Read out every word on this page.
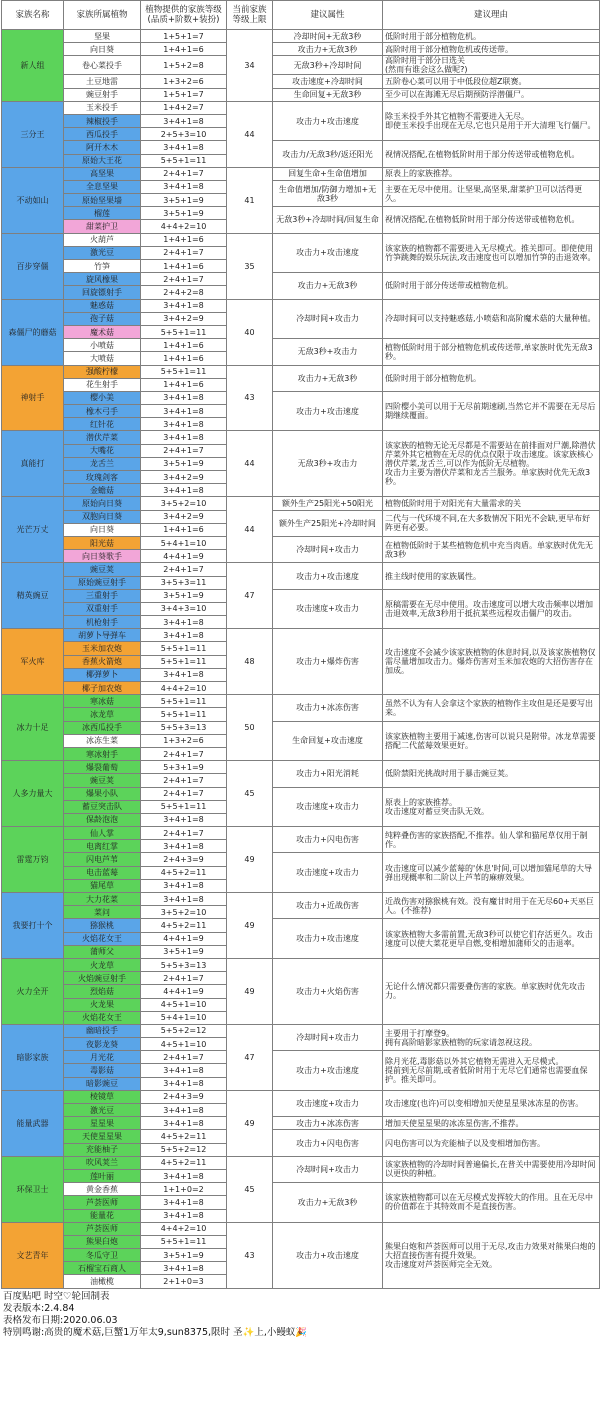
家族名称	家族所属植物	植物提供的家族等级
(品质+阶数+装扮)	当前家族
等级上限	建议属性	建议理由
新人组	坚果	1+5+1=7	34	冷却时间+无敌3秒	低阶时用于部分植物危机。
	向日葵	1+4+1=6		攻击力+无敌3秒	高阶时用于部分植物危机或传送带。
	卷心菜投手	1+5+2=8		无敌3秒+冷却时间	高阶时用于部分日选关
(然而有谁会这么做呢?)
	土豆地雷	1+3+2=6		攻击速度+冷却时间	五阶卷心菜可以用于中低段位超Z联赛。
	豌豆射手	1+5+1=7		生命回复+无敌3秒	至少可以在海滩无尽后期预防浮潜僵尸。
三分王	玉米投手	1+4+2=7	44	攻击力+攻击速度	除玉米投手外其它植物不需要进入无尽。
即使玉米投手出现在无尽,它也只是用于开大清理飞行僵尸。
	辣椒投手	3+4+1=8			
	西瓜投手	2+5+3=10			
	阿开木木	3+4+1=8		攻击力/无敌3秒/返还阳光	视情况搭配,在植物低阶时用于部分传送带或植物危机。
	原始大王花	5+5+1=11			
不动如山	高坚果	2+4+1=7	41	回复生命+生命值增加	原表上的家族推荐。
	全息坚果	3+4+1=8		生命值增加/防御力增加+无敌3秒	主要在无尽中使用。让坚果,高坚果,甜菜护卫可以活得更久。
	原始坚果墙	3+5+1=9			
	榴莲	3+5+1=9		无敌3秒+冷却时间/回复生命	视情况搭配,在植物低阶时用于部分传送带或植物危机。
	甜菜护卫	4+4+2=10			
百步穿僵	火葫芦	1+4+1=6	35	攻击力+攻击速度	该家族的植物都不需要进入无尽模式。推关即可。即使使用竹笋跳舞的娱乐玩法,攻击速度也可以增加竹笋的击退效率。
	激光豆	2+4+1=7			
	竹笋	1+4+1=6			
	旋风橡果	2+4+1=7		攻击力+无敌3秒	低阶时用于部分传送带或植物危机。
	回旋镖射手	2+4+2=8			
森僵尸的蘑菇	魅惑菇	3+4+1=8	40	冷却时间+攻击力	冷却时间可以支持魅惑菇,小喷菇和高阶魔术菇的大量种植。
	孢子菇	3+4+2=9			
	魔术菇	5+5+1=11			
	小喷菇	1+4+1=6		无敌3秒+攻击力	植物低阶时用于部分植物危机或传送带,单家族时优先无敌3秒。
	大喷菇	1+4+1=6			
神射手	强酸柠檬	5+5+1=11	43	攻击力+无敌3秒	低阶时用于部分植物危机。
	花生射手	1+4+1=6			
	樱小美	3+4+1=8		攻击力+攻击速度	四阶樱小美可以用于无尽前期速刷,当然它并不需要在无尽后期继续覆面。
	橡木弓手	3+4+1=8			
	红针花	3+4+1=8			
真能打	潜伏芹菜	3+4+1=8	44	无敌3秒+攻击力	该家族的植物无论无尽都是不需要站在前排面对尸潮,除潜伏芹菜外其它植物在无尽的优点仅限于攻击速度。该家族核心潜伏芹菜,龙舌兰,可以作为低阶无尽植物。
攻击力主要为潜伏芹菜和龙舌兰服务。单家族时优先无敌3秒。
	大嘴花	2+4+1=7			
	龙舌兰	3+5+1=9			
	玫瑰剑客	3+4+2=9			
	金蟾菇	3+4+1=8			
光芒万丈	原始向日葵	3+5+2=10	44	额外生产25阳光+50阳光	植物低阶时用于对阳光有大量需求的关
	双胞向日葵	3+4+2=9		额外生产25阳光+冷却时间	二代与一代环境不同,在大多数情况下阳光不会缺,更早布好阵更有必要。
	向日葵	1+4+1=6			
	阳光菇	5+4+1=10		冷却时间+攻击力	在植物低阶时于某些植物危机中充当肉盾。单家族时优先无敌3秒
	向日葵歌手	4+4+1=9			
精英豌豆	豌豆荚	2+4+1=7	47	攻击力+攻击速度	推主线时使用的家族属性。
	原始豌豆射手	3+5+3=11			
	三重射手	3+5+1=9		攻击速度+攻击力	原稿需要在无尽中使用。攻击速度可以增大攻击频率以增加击退效率,无敌3秒用于抵抗某些远程攻击僵尸的攻击。
	双重射手	3+4+3=10			
	机枪射手	3+4+1=8			
军火库	胡萝卜导弹车	3+4+1=8	48	攻击力+爆炸伤害	攻击速度不会减少该家族植物的休息时间,以及该家族植物仅需尽量增加攻击力。爆炸伤害对玉米加农炮的大招伤害存在加成。
	玉米加农炮	5+5+1=11			
	香蕉火箭炮	5+5+1=11			
	椰弹萝卜	3+4+1=8			
	椰子加农炮	4+4+2=10			
冰力十足	寒冰菇	5+5+1=11	50	攻击力+冰冻伤害	虽然不认为有人会拿这个家族的植物作主攻但是还是要写出来。
	冰龙草	5+5+1=11			
	冰西瓜投手	5+5+3=13		生命回复+攻击速度	该家族植物主要用于减速,伤害可以说只是附带。冰龙草需要搭配二代蓝莓效果更好。
	冰冻生菜	1+3+2=6			
	寒冰射手	2+4+1=7			
人多力量大	爆裂葡萄	5+3+1=9	45	攻击力+阳光消耗	低阶禁阳光挑战时用于暴击豌豆荚。
	豌豆荚	2+4+1=7			
	爆果小队	2+4+1=7		攻击速度+攻击力	原表上的家族推荐。
攻击速度对蓄豆突击队无效。
	蓄豆突击队	5+5+1=11			
	保龄泡泡	3+4+1=8			
雷霆万钧	仙人掌	2+4+1=7	49	攻击力+闪电伤害	纯粹叠伤害的家族搭配,不推荐。仙人掌和猫尾草仅用于制作。
	电离红掌	3+4+1=8			
	闪电芦苇	2+4+3=9		攻击速度+攻击力	攻击速度可以减少蓝莓的'休息'时间,可以增加猫尾草的大导弹出现概率和二阶以上芦苇的麻痹效果。
	电击蓝莓	4+5+2=11			
	猫尾草	3+4+1=8			
我要打十个	大力花菜	3+4+1=8	49	攻击力+近战伤害	近战伤害对猕猴桃有效。没有魔甘时用于在无尽60+天巫巨人。(不推荐)
	菜问	3+5+2=10			
	猕猴桃	4+5+2=11		攻击力+攻击速度	该家族植物大多需前置,无敌3秒可以使它们存活更久。攻击速度可以使大菜花更早自燃,变相增加蒲师父的击退率。
	火焰花女王	4+4+1=9			
	蒲师父	3+5+1=9			
火力全开	火龙草	5+5+3=13	49	攻击力+火焰伤害	无论什么情况都只需要叠伤害的家族。单家族时优先攻击力。
	火焰豌豆射手	2+4+1=7			
	烈焰菇	4+4+1=9			
	火龙果	4+5+1=10			
	火焰花女王	5+4+1=10			
暗影家族	幽暗投手	5+5+2=12	47	冷却时间+攻击力	主要用于打摩登9。
拥有高阶暗影家族植物的玩家请忽视这段。
	夜影龙葵	4+5+1=10			
	月光花	2+4+1=7		攻击力+攻击速度	除月光花,毒影菇以外其它植物无需进入无尽模式。
提前到无尽前期,或者低阶时用于无尽它们通常也需要血保护。推关即可。
	毒影菇	3+4+1=8			
	暗影豌豆	3+4+1=8			
能量武器	棱镜草	2+4+3=9	49	攻击速度+攻击力	攻击速度(也许)可以变相增加天使星星果冰冻星的伤害。
	激光豆	3+4+1=8			
	星星果	3+4+1=8		攻击力+冰冻伤害	增加天使星星果的冰冻星伤害,不推荐。
	天使星星果	4+5+2=11		攻击力+闪电伤害	闪电伤害可以为充能柚子以及变相增加伤害。
	充能柚子	5+5+2=12			
环保卫士	吹风荚兰	4+5+2=11	45	冷却时间+攻击力	该家族植物的冷却时间普遍偏长,在普关中需要使用冷却时间以更快的种植。
	莲叶丽	3+4+1=8			
	黄金香蕉	1+1+0=2		攻击力+无敌3秒	该家族植物都可以在无尽模式发挥较大的作用。且在无尽中的价值都在于其特效而不是直接伤害。
	芦荟医师	3+4+1=8			
	能量花	3+4+1=8			
文艺青年	芦荟医师	4+4+2=10	43	攻击力+攻击速度	熊果臼炮和芦荟医师可以用于无尽,攻击力效果对熊果臼炮的大招直接伤害有提升效果。
攻击速度对芦荟医师完全无效。
	熊果臼炮	5+5+1=11			
	冬瓜守卫	3+5+1=9			
	石榴宝石商人	3+4+1=8			
	油橄榄	2+1+0=3			
百度贴吧 时空♡轮回制表
发表版本:2.4.84
表格发布日期:2020.06.03
特别鸣谢:高贵的魔术菇,巨蟹1万年太9,sun8375,限时 圣✨上,小鳗蚁🎉
